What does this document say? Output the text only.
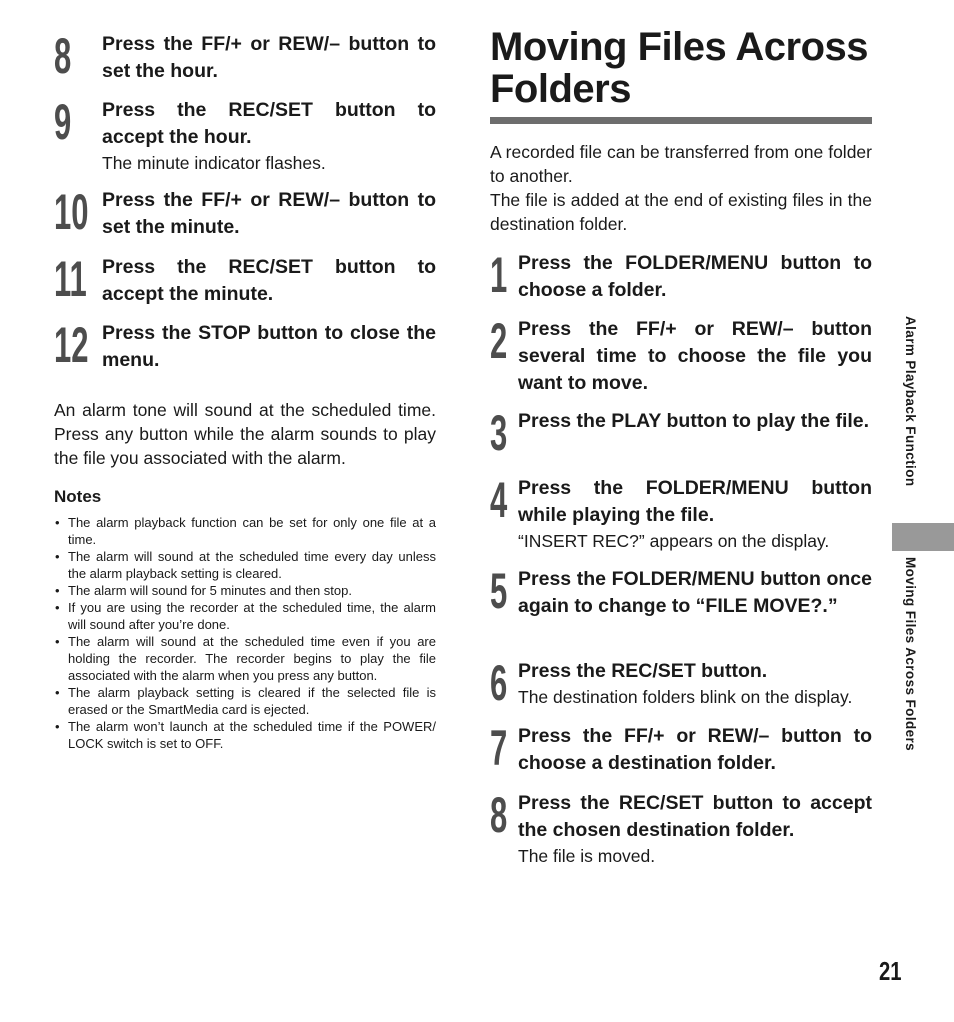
8 Press the FF/+ or REW/– button to set the hour.
9 Press the REC/SET button to accept the hour.
The minute indicator flashes.
10 Press the FF/+ or REW/– button to set the minute.
11 Press the REC/SET button to accept the minute.
12 Press the STOP button to close the menu.
An alarm tone will sound at the scheduled time. Press any button while the alarm sounds to play the file you associated with the alarm.
Notes
• The alarm playback function can be set for only one file at a time.
• The alarm will sound at the scheduled time every day unless the alarm playback setting is cleared.
• The alarm will sound for 5 minutes and then stop.
• If you are using the recorder at the scheduled time, the alarm will sound after you’re done.
• The alarm will sound at the scheduled time even if you are holding the recorder. The recorder begins to play the file associated with the alarm when you press any button.
• The alarm playback setting is cleared if the selected file is erased or the SmartMedia card is ejected.
• The alarm won’t launch at the scheduled time if the POWER/ LOCK switch is set to OFF.
Moving Files Across
Folders
A recorded file can be transferred from one folder to another.
The file is added at the end of existing files in the destination folder.
1 Press the FOLDER/MENU button to choose a folder.
2 Press the FF/+ or REW/– button several time to choose the file you want to move.
3 Press the PLAY button to play the file.
4 Press the FOLDER/MENU button while playing the file.
“INSERT REC?” appears on the display.
5 Press the FOLDER/MENU button once again to change to “FILE MOVE?.”
6 Press the REC/SET button.
The destination folders blink on the display.
7 Press the FF/+ or REW/– button to choose a destination folder.
8 Press the REC/SET button to accept the chosen destination folder.
The file is moved.
Alarm Playback Function
Moving Files Across Folders
21
